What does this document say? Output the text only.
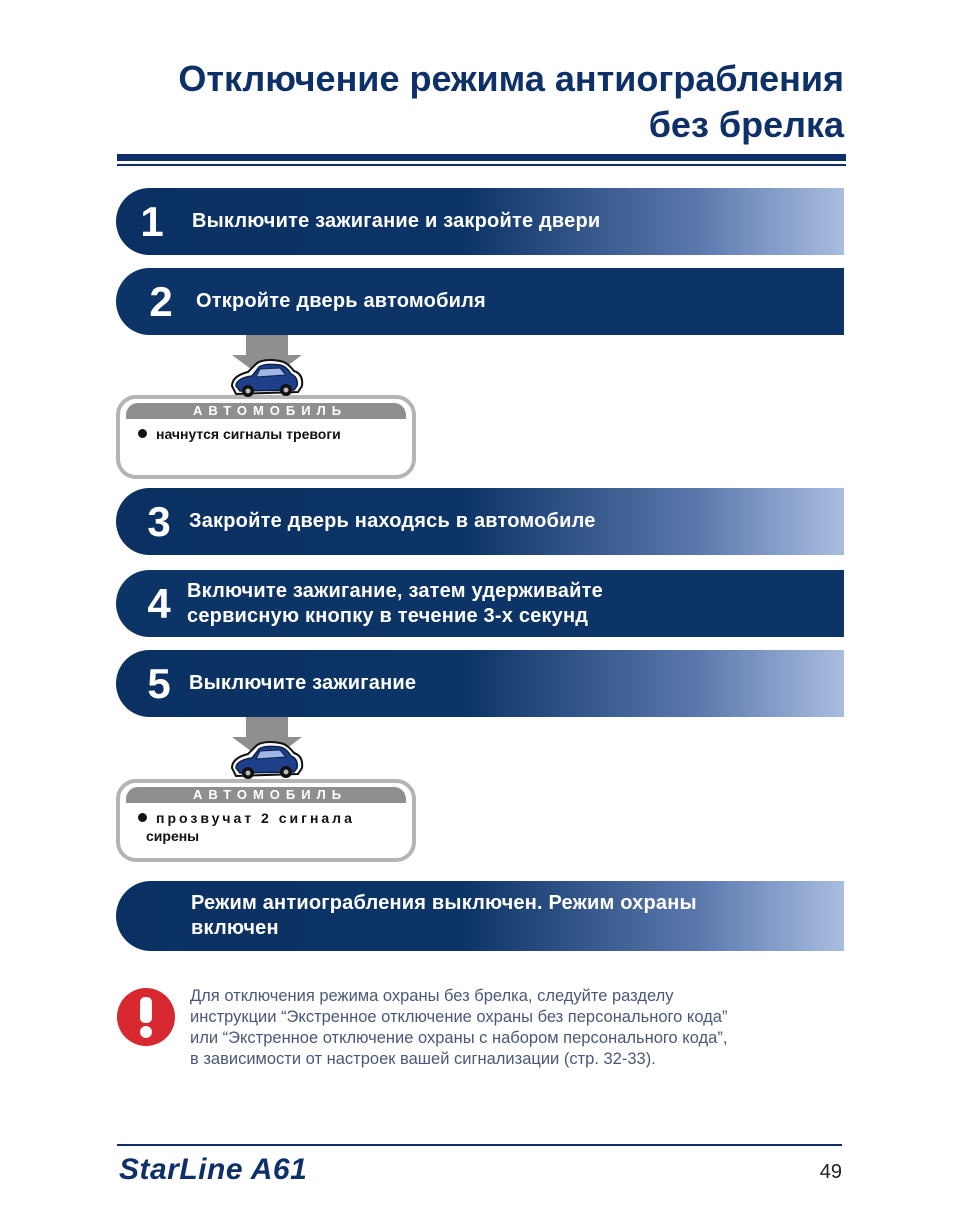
Отключение режима антиограбления
без брелка
1	Выключите зажигание и закройте двери
2	Откройте дверь автомобиля
АВТОМОБИЛЬ
начнутся сигналы тревоги
3 Закройте дверь находясь в автомобиле
4 Включите зажигание, затем удерживайте
сервисную кнопку в течение 3-х секунд
5 Выключите зажигание
АВТОМОБИЛЬ
прозвучат 2 сигнала
сирены
Режим антиограбления выключен. Режим охраны
включен
Для отключения режима охраны без брелка, следуйте разделу
инструкции “Экстренное отключение охраны без персонального кода”
или “Экстренное отключение охраны с набором персонального кода”,
в зависимости от настроек вашей сигнализации (стр. 32-33).
StarLine A61	49
